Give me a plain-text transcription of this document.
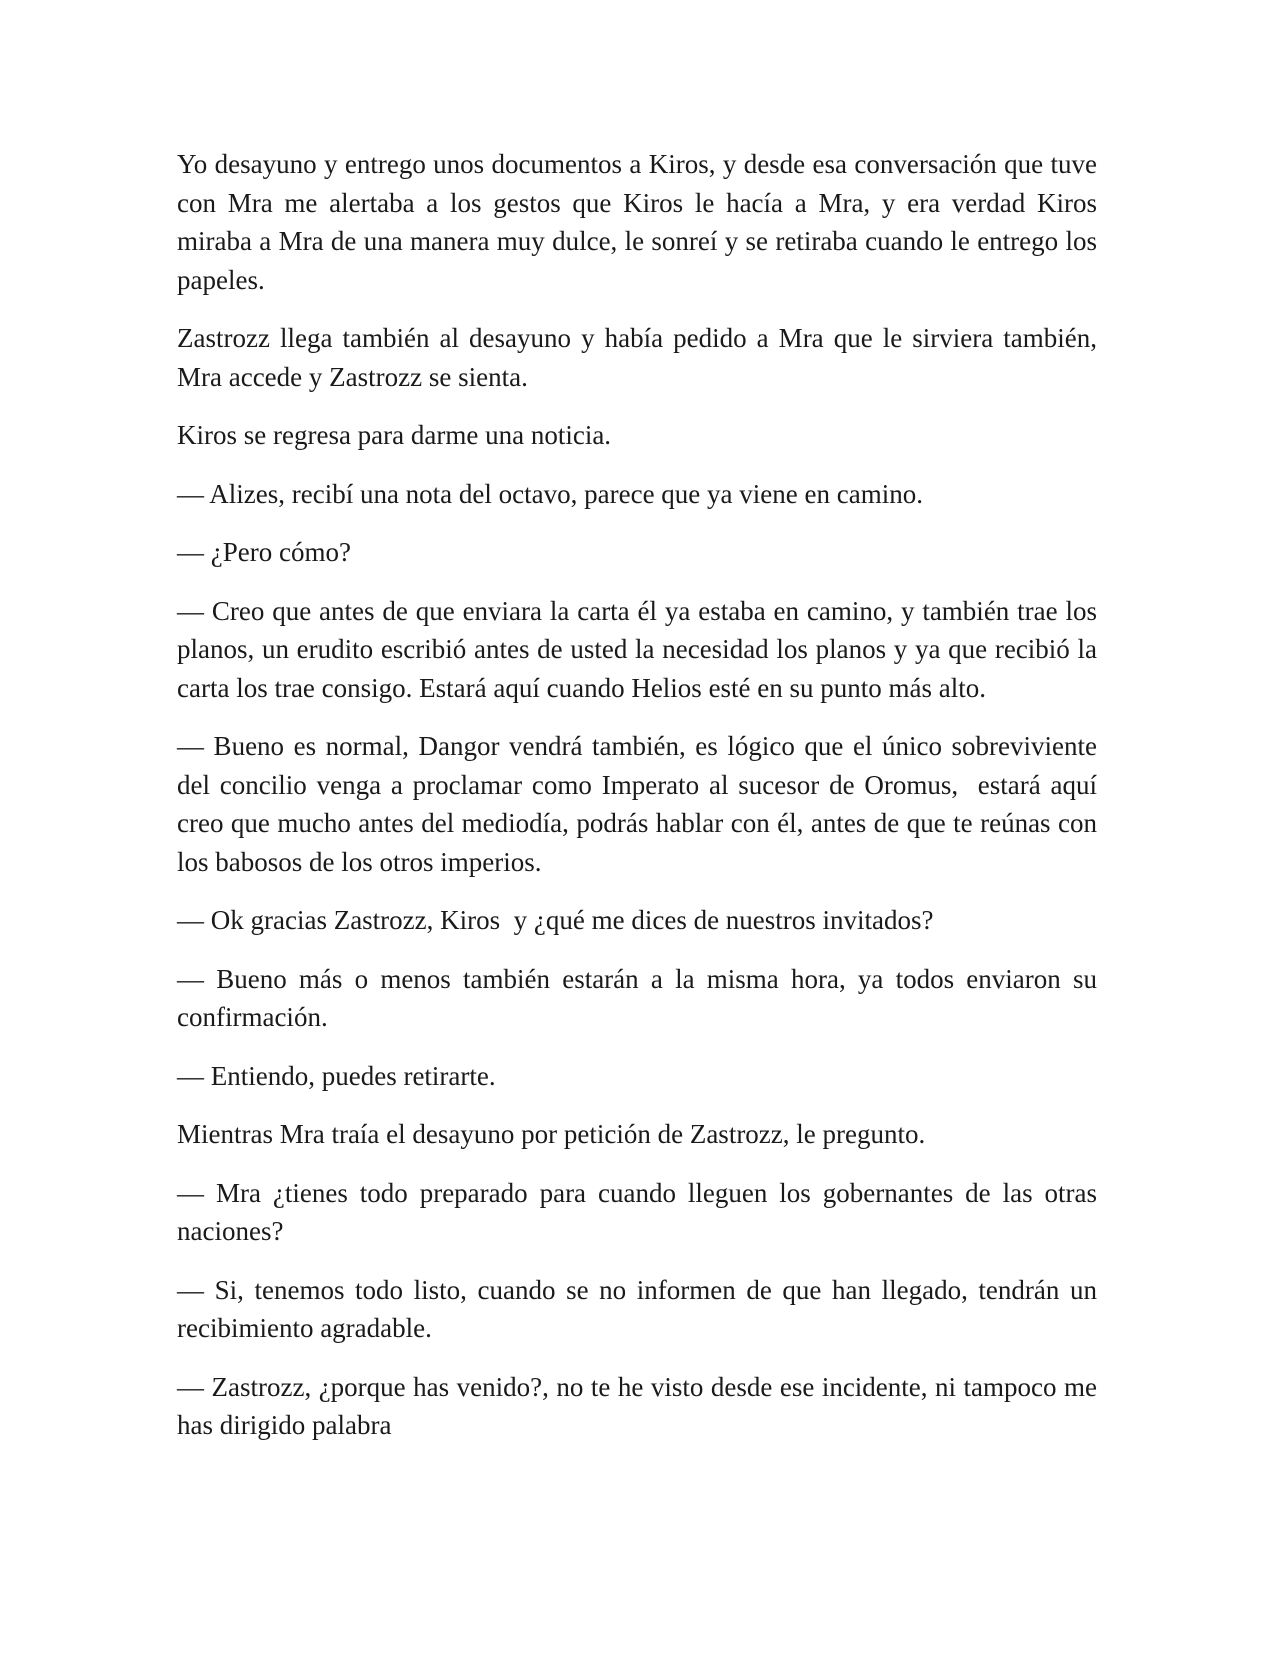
Yo desayuno y entrego unos documentos a Kiros, y desde esa conversación que tuve con Mra me alertaba a los gestos que Kiros le hacía a Mra, y era verdad Kiros miraba a Mra de una manera muy dulce, le sonreí y se retiraba cuando le entrego los papeles.

Zastrozz llega también al desayuno y había pedido a Mra que le sirviera también, Mra accede y Zastrozz se sienta.

Kiros se regresa para darme una noticia.

— Alizes, recibí una nota del octavo, parece que ya viene en camino.

— ¿Pero cómo?

— Creo que antes de que enviara la carta él ya estaba en camino, y también trae los planos, un erudito escribió antes de usted la necesidad los planos y ya que recibió la carta los trae consigo. Estará aquí cuando Helios esté en su punto más alto.

— Bueno es normal, Dangor vendrá también, es lógico que el único sobreviviente del concilio venga a proclamar como Imperato al sucesor de Oromus,  estará aquí creo que mucho antes del mediodía, podrás hablar con él, antes de que te reúnas con los babosos de los otros imperios.

— Ok gracias Zastrozz, Kiros  y ¿qué me dices de nuestros invitados?

— Bueno más o menos también estarán a la misma hora, ya todos enviaron su confirmación.

— Entiendo, puedes retirarte.

Mientras Mra traía el desayuno por petición de Zastrozz, le pregunto.

— Mra ¿tienes todo preparado para cuando lleguen los gobernantes de las otras naciones?

— Si, tenemos todo listo, cuando se no informen de que han llegado, tendrán un recibimiento agradable.

— Zastrozz, ¿porque has venido?, no te he visto desde ese incidente, ni tampoco me has dirigido palabra
